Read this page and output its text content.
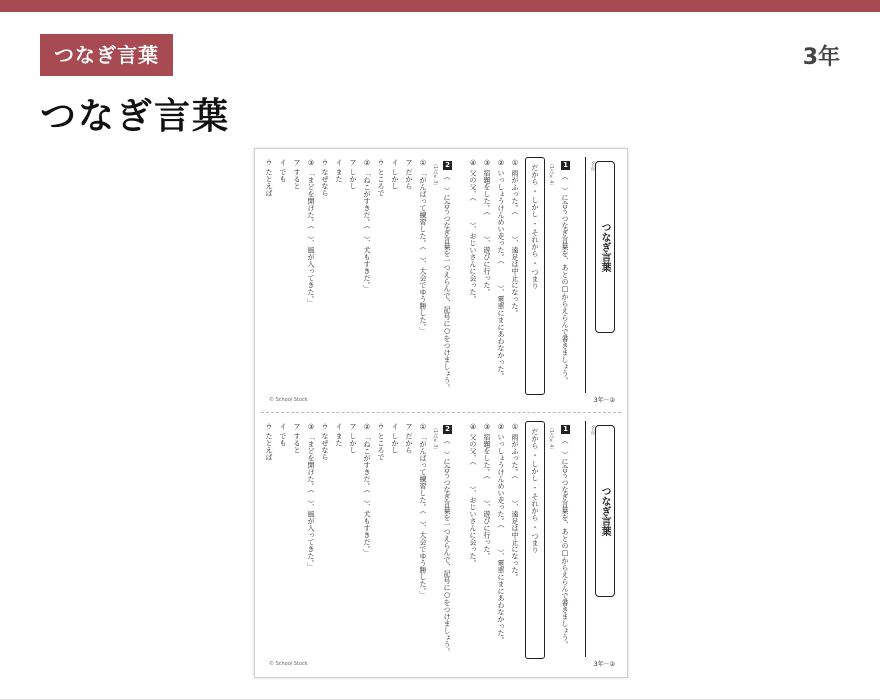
つなぎ言葉	3年
つなぎ言葉
名前
つなぎ言葉
1
（　）に合うつなぎ言葉を、あとの□からえらんで書きましょう。
（1点×4）
だから ・ しかし ・ それから ・ つまり
① 雨がふった。（　　　）、遠足は中止になった。
② いっしょうけんめい走った。（　　　）、電車にまにあわなかった。
③ 宿題をした。（　　　）、遊びに行った。
④ 父の父、（　　　）、おじいさんに会った。
2
（　）に合うつなぎ言葉を一つえらんで、記号に○をつけましょう。
（1点×3）
① 「がんばって練習した。（　）、大会でゆう勝した。」
ア だから
イ しかし
ウ ところで
② 「ねこがすきだ。（　）、犬もすきだ。」
ア しかし
イ また
ウ なぜなら
③ 「まどを開けた。（　）、風が入ってきた。」
ア すると
イ でも
ウ たとえば
© School Stock	3年－②
名前
つなぎ言葉
1
（　）に合うつなぎ言葉を、あとの□からえらんで書きましょう。
（1点×4）
だから ・ しかし ・ それから ・ つまり
① 雨がふった。（　　　）、遠足は中止になった。
② いっしょうけんめい走った。（　　　）、電車にまにあわなかった。
③ 宿題をした。（　　　）、遊びに行った。
④ 父の父、（　　　）、おじいさんに会った。
2
（　）に合うつなぎ言葉を一つえらんで、記号に○をつけましょう。
（1点×3）
① 「がんばって練習した。（　）、大会でゆう勝した。」
ア だから
イ しかし
ウ ところで
② 「ねこがすきだ。（　）、犬もすきだ。」
ア しかし
イ また
ウ なぜなら
③ 「まどを開けた。（　）、風が入ってきた。」
ア すると
イ でも
ウ たとえば
© School Stock	3年－②
